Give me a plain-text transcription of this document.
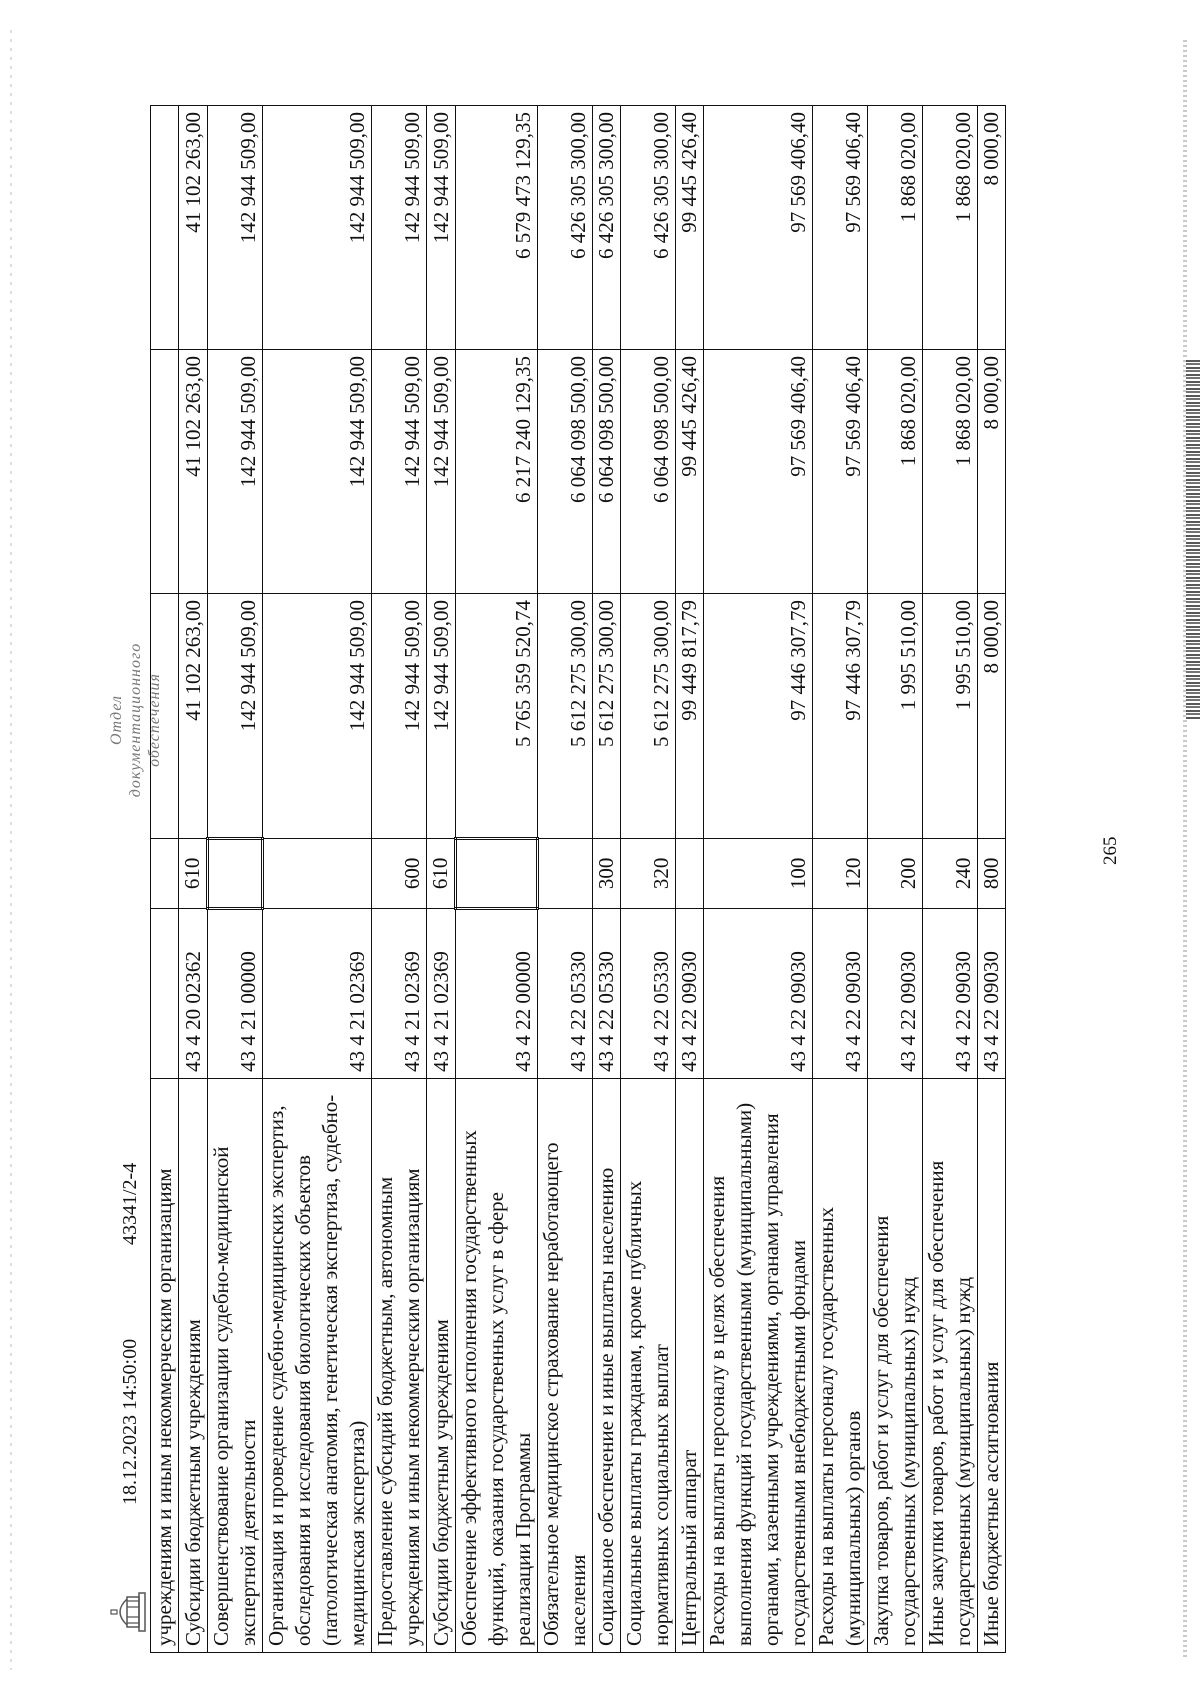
265
учреждениям и иным некоммерческим организациям					

Субсидии бюджетным учреждениям	43 4 20 02362	610	41 102 263,00	41 102 263,00	41 102 263,00

Совершенствование организации судебно-медицинской экспертной деятельности	43 4 21 00000		142 944 509,00	142 944 509,00	142 944 509,00

Организация и проведение судебно-медицинских экспертиз, обследования и исследования биологических объектов (патологическая анатомия, генетическая экспертиза, судебно- медицинская экспертиза)	43 4 21 02369		142 944 509,00	142 944 509,00	142 944 509,00

Предоставление субсидий бюджетным, автономным учреждениям и иным некоммерческим организациям	43 4 21 02369	600	142 944 509,00	142 944 509,00	142 944 509,00

Субсидии бюджетным учреждениям	43 4 21 02369	610	142 944 509,00	142 944 509,00	142 944 509,00

Обеспечение эффективного исполнения государственных функций, оказания государственных услуг в сфере реализации Программы	43 4 22 00000		5 765 359 520,74	6 217 240 129,35	6 579 473 129,35

Обязательное медицинское страхование неработающего населения	43 4 22 05330		5 612 275 300,00	6 064 098 500,00	6 426 305 300,00

Социальное обеспечение и иные выплаты населению	43 4 22 05330	300	5 612 275 300,00	6 064 098 500,00	6 426 305 300,00

Социальные выплаты гражданам, кроме публичных нормативных социальных выплат	43 4 22 05330	320	5 612 275 300,00	6 064 098 500,00	6 426 305 300,00

Центральный аппарат	43 4 22 09030		99 449 817,79	99 445 426,40	99 445 426,40

Расходы на выплаты персоналу в целях обеспечения выполнения функций государственными (муниципальными) органами, казенными учреждениями, органами управления государственными внебюджетными фондами	43 4 22 09030	100	97 446 307,79	97 569 406,40	97 569 406,40

Расходы на выплаты персоналу государственных (муниципальных) органов	43 4 22 09030	120	97 446 307,79	97 569 406,40	97 569 406,40

Закупка товаров, работ и услуг для обеспечения государственных (муниципальных) нужд	43 4 22 09030	200	1 995 510,00	1 868 020,00	1 868 020,00

Иные закупки товаров, работ и услуг для обеспечения государственных (муниципальных) нужд	43 4 22 09030	240	1 995 510,00	1 868 020,00	1 868 020,00

Иные бюджетные ассигнования	43 4 22 09030	800	8 000,00	8 000,00	8 000,00
18.12.2023 14:50:00
43341/2-4
Отдел документационного обеспечения
